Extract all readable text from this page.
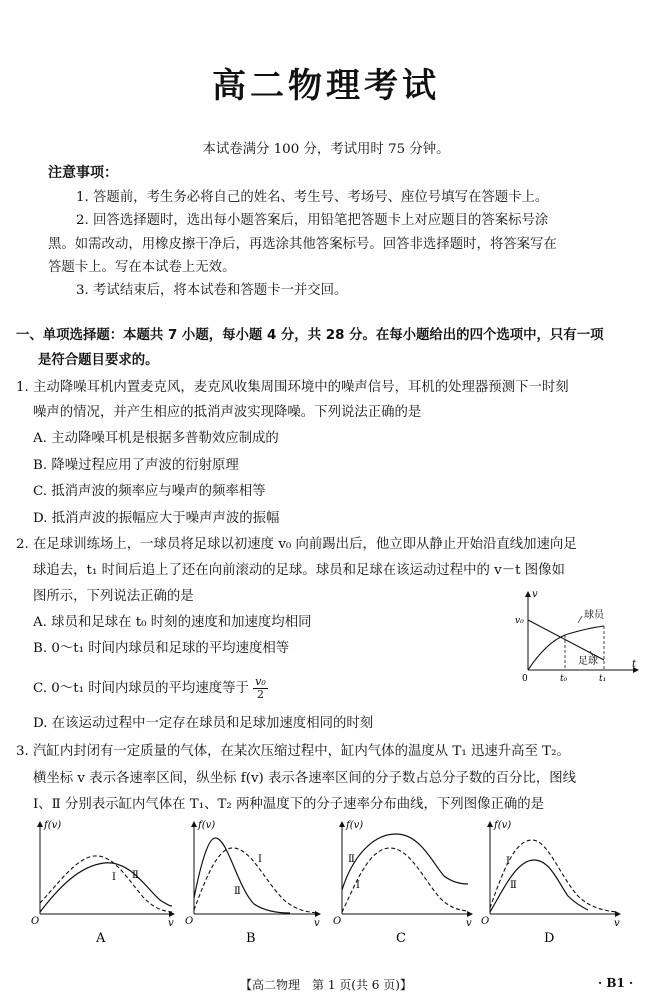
高二物理考试
本试卷满分 100 分，考试用时 75 分钟。
注意事项：
1. 答题前，考生务必将自己的姓名、考生号、考场号、座位号填写在答题卡上。
2. 回答选择题时，选出每小题答案后，用铅笔把答题卡上对应题目的答案标号涂
黑。如需改动，用橡皮擦干净后，再选涂其他答案标号。回答非选择题时，将答案写在
答题卡上。写在本试卷上无效。
3. 考试结束后，将本试卷和答题卡一并交回。
一、单项选择题：本题共 7 小题，每小题 4 分，共 28 分。在每小题给出的四个选项中，只有一项
是符合题目要求的。
1. 主动降噪耳机内置麦克风，麦克风收集周围环境中的噪声信号，耳机的处理器预测下一时刻
噪声的情况，并产生相应的抵消声波实现降噪。下列说法正确的是
A. 主动降噪耳机是根据多普勒效应制成的
B. 降噪过程应用了声波的衍射原理
C. 抵消声波的频率应与噪声的频率相等
D. 抵消声波的振幅应大于噪声声波的振幅
2. 在足球训练场上，一球员将足球以初速度 v₀ 向前踢出后，他立即从静止开始沿直线加速向足
球追去，t₁ 时间后追上了还在向前滚动的足球。球员和足球在该运动过程中的 v－t 图像如
图所示，下列说法正确的是
A. 球员和足球在 t₀ 时刻的速度和加速度均相同
B. 0～t₁ 时间内球员和足球的平均速度相等
C. 0～t₁ 时间内球员的平均速度等于 $\frac{\text{v₀}}{2}$
D. 在该运动过程中一定存在球员和足球加速度相同的时刻
v
t
v₀
0	t₀	t₁
球员
足球
3. 汽缸内封闭有一定质量的气体，在某次压缩过程中，缸内气体的温度从 T₁ 迅速升高至 T₂。
横坐标 v 表示各速率区间，纵坐标 f(v) 表示各速率区间的分子数占总分子数的百分比，图线
Ⅰ、Ⅱ 分别表示缸内气体在 T₁、T₂ 两种温度下的分子速率分布曲线，下列图像正确的是
f(v)
v
O
Ⅰ Ⅱ
A
f(v)
v
O
Ⅰ
Ⅱ
B
f(v)
v
O
Ⅰ
Ⅱ
C
f(v)
v
O
Ⅰ
Ⅱ
D
【高二物理　第 1 页(共 6 页)】	· B1 ·
